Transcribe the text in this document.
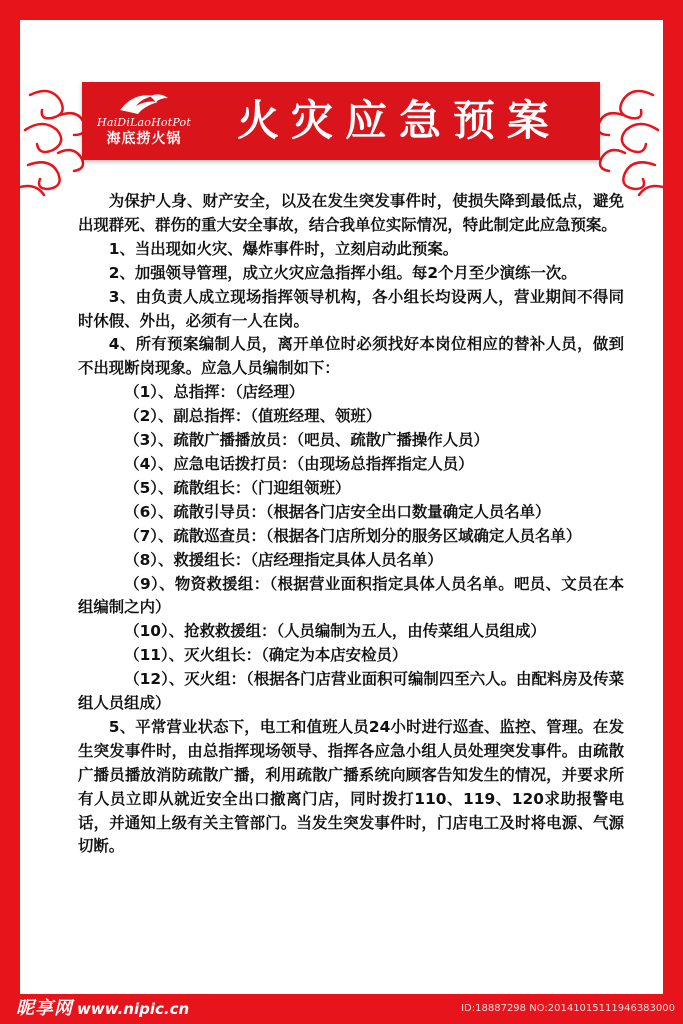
HaiDiLaoHotPot
海底捞火锅	火灾应急预案

为保护人身、财产安全，以及在发生突发事件时，使损失降到最低点，避免出现群死、群伤的重大安全事故，结合我单位实际情况，特此制定此应急预案。

1、当出现如火灾、爆炸事件时，立刻启动此预案。

2、加强领导管理，成立火灾应急指挥小组。每2个月至少演练一次。

3、由负责人成立现场指挥领导机构，各小组长均设两人，营业期间不得同时休假、外出，必须有一人在岗。

4、所有预案编制人员，离开单位时必须找好本岗位相应的替补人员，做到不出现断岗现象。应急人员编制如下：

（1）、总指挥：（店经理）

（2）、副总指挥：（值班经理、领班）

（3）、疏散广播播放员：（吧员、疏散广播操作人员）

（4）、应急电话拨打员：（由现场总指挥指定人员）

（5）、疏散组长：（门迎组领班）

（6）、疏散引导员：（根据各门店安全出口数量确定人员名单）

（7）、疏散巡查员：（根据各门店所划分的服务区域确定人员名单）

（8）、救援组长：（店经理指定具体人员名单）

（9）、物资救援组：（根据营业面积指定具体人员名单。吧员、文员在本组编制之内）

（10）、抢救救援组：（人员编制为五人，由传菜组人员组成）

（11）、灭火组长：（确定为本店安检员）

（12）、灭火组：（根据各门店营业面积可编制四至六人。由配料房及传菜组人员组成）

5、平常营业状态下，电工和值班人员24小时进行巡查、监控、管理。在发生突发事件时，由总指挥现场领导、指挥各应急小组人员处理突发事件。由疏散广播员播放消防疏散广播，利用疏散广播系统向顾客告知发生的情况，并要求所有人员立即从就近安全出口撤离门店，同时拨打110、119、120求助报警电话，并通知上级有关主管部门。当发生突发事件时，门店电工及时将电源、气源切断。

昵享网 www.nipic.cn	ID:18887298 NO:20141015111946383000
